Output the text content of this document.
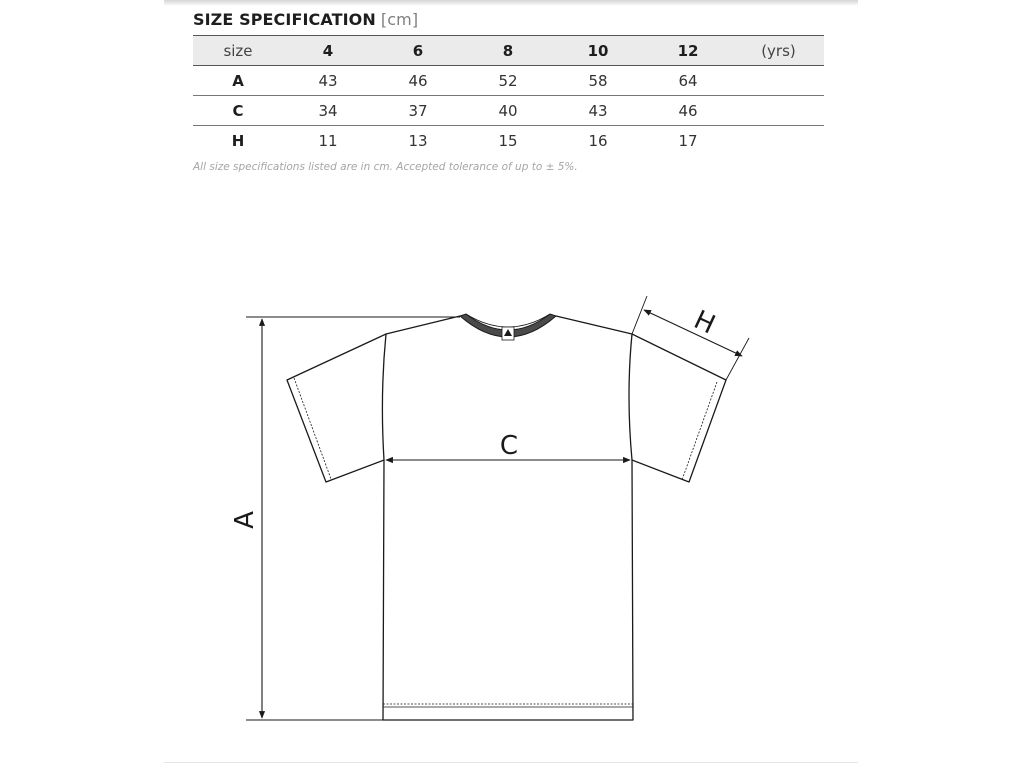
SIZE SPECIFICATION [cm]
size	4	6	8	10	12	(yrs)
A	43	46	52	58	64	
C	34	37	40	43	46	
H	11	13	15	16	17	
All size specifications listed are in cm. Accepted tolerance of up to ± 5%.
A
C
H
